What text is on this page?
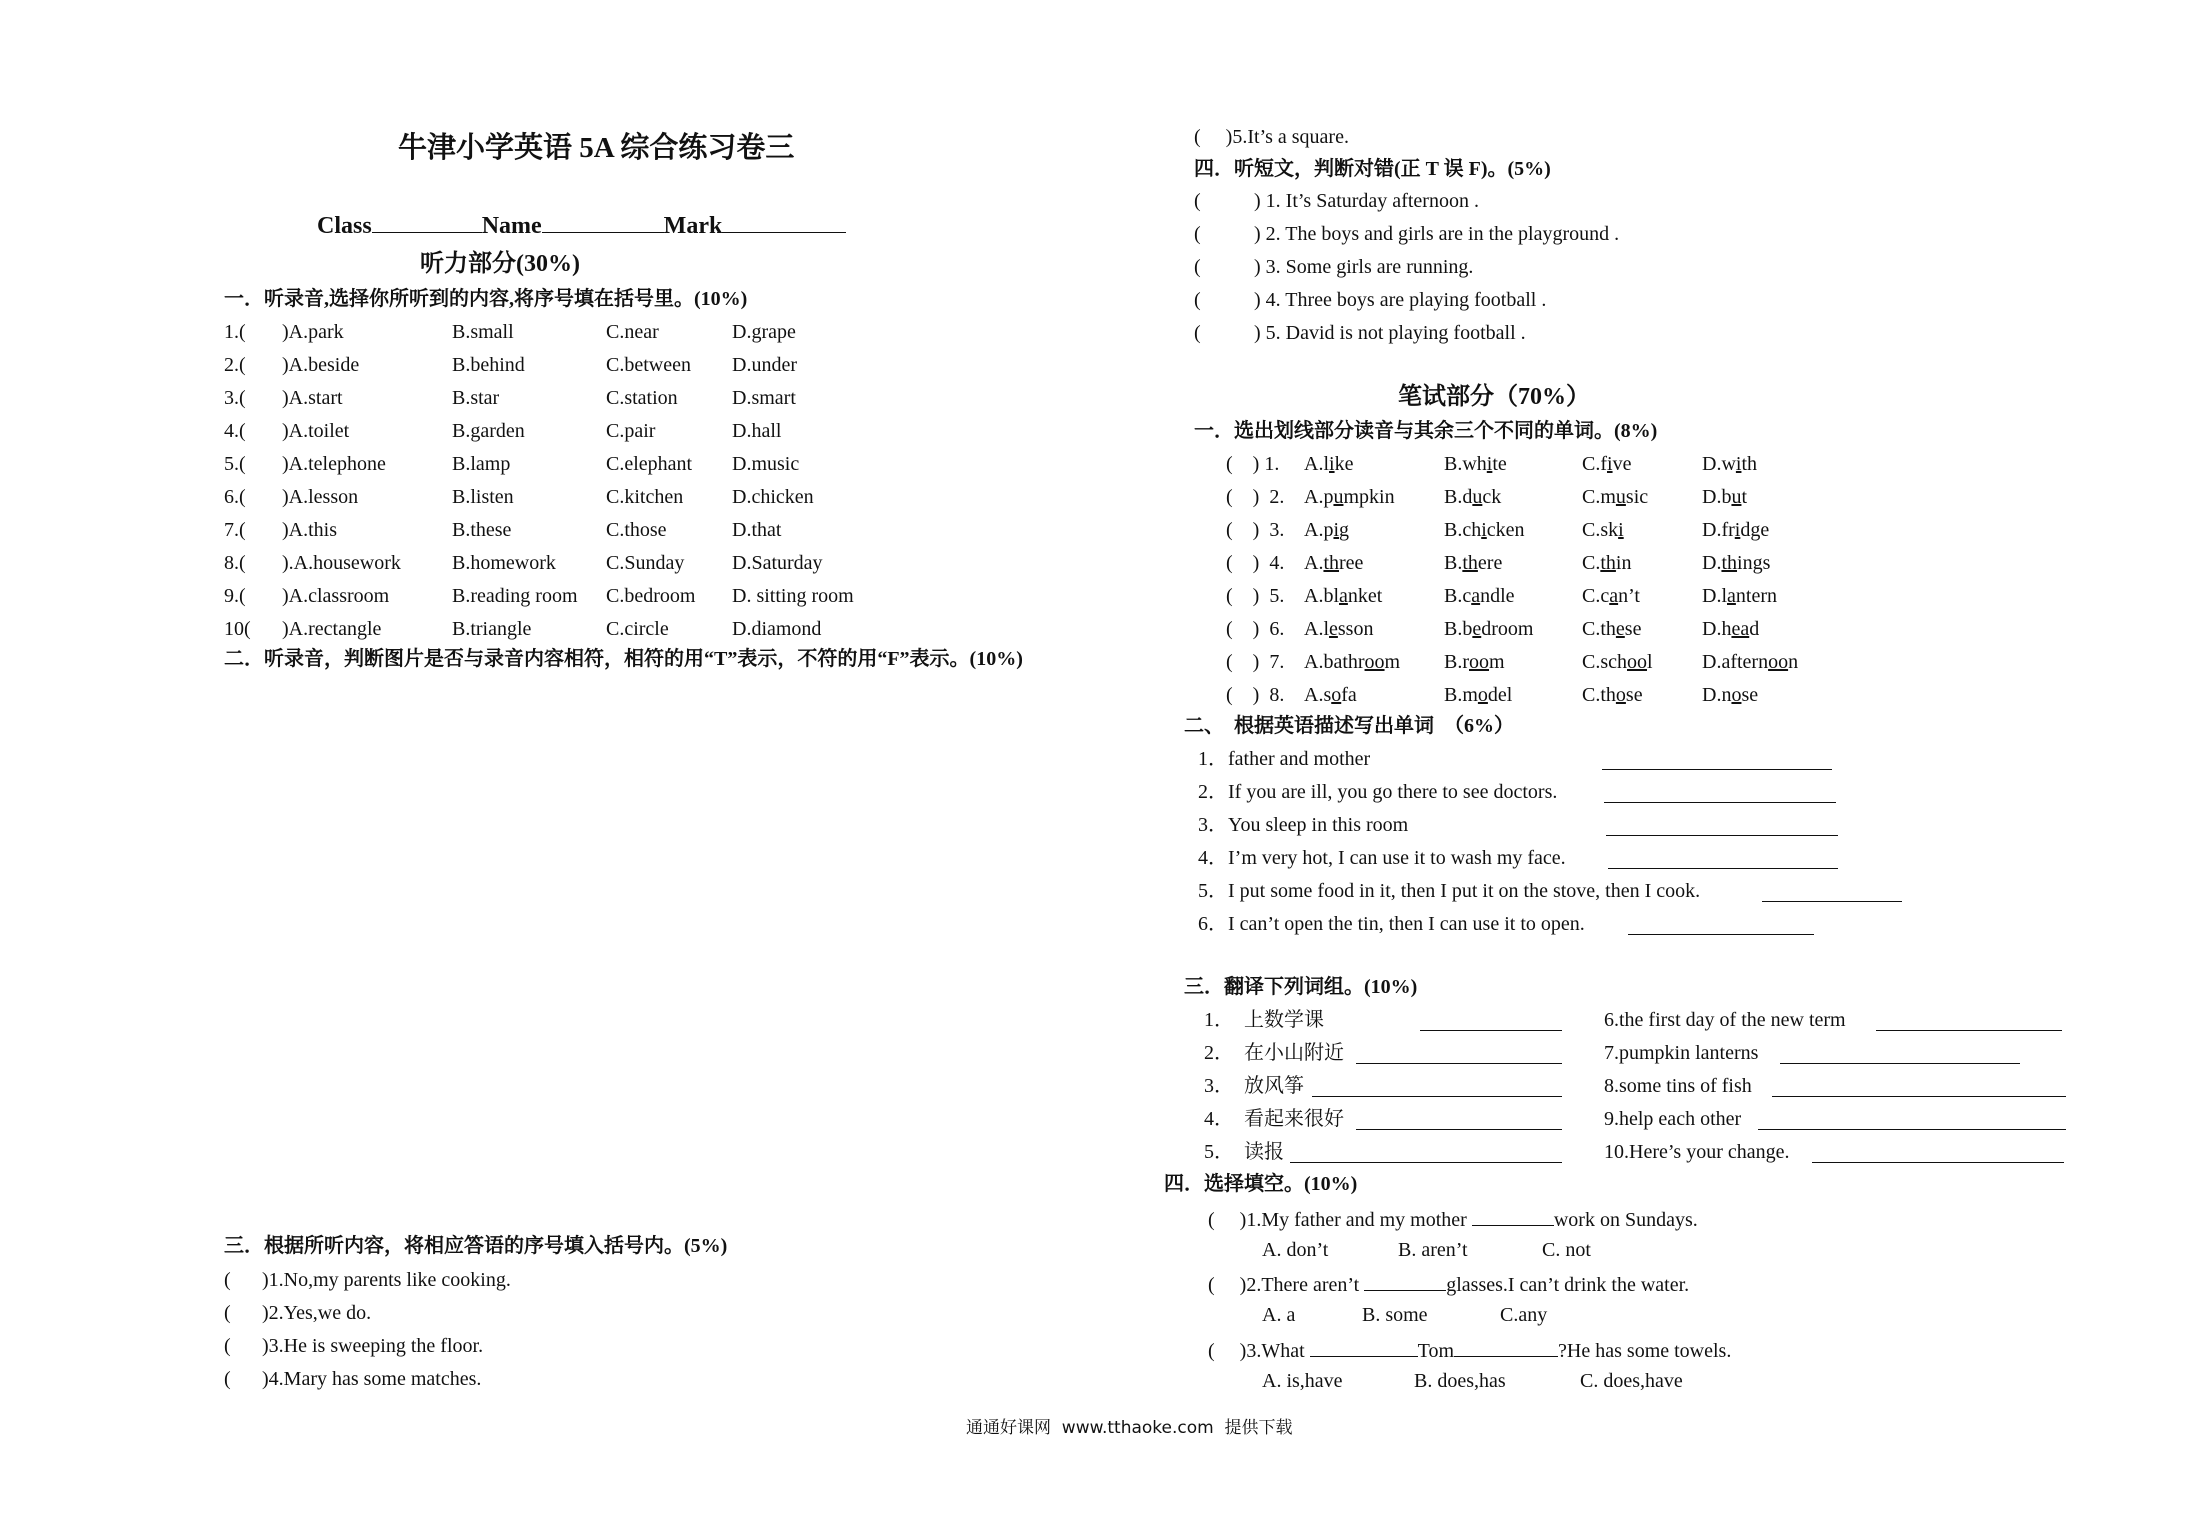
牛津小学英语 5A 综合练习卷三

Class	Name	Mark

听力部分(30%)
一．听录音,选择你所听到的内容,将序号填在括号里。(10%)
1.( )A.park	B.small	C.near	D.grape
2.( )A.beside	B.behind	C.between D.under
3.( )A.start	B.star	C.station	D.smart
4.( )A.toilet	B.garden	C.pair	D.hall
5.( )A.telephone	B.lamp	C.elephant D.music
6.( )A.lesson	B.listen	C.kitchen D.chicken
7.( )A.this	B.these	C.those	D.that
8.( ).A.housework	B.homework	C.Sunday D.Saturday
9.( )A.classroom	B.reading room C.bedroom D. sitting room
10( )A.rectangle	B.triangle	C.circle	D.diamond
二．听录音，判断图片是否与录音内容相符，相符的用“T”表示，不符的用“F”表示。(10%)
三．根据所听内容，将相应答语的序号填入括号内。(5%)
( )1.No,my parents like cooking.
( )2.Yes,we do.
( )3.He is sweeping the floor.
( )4.Mary has some matches.
( )5.It’s a square.
四．听短文，判断对错(正 T 误 F)。(5%)
(	) 1. It’s Saturday afternoon .
(	) 2. The boys and girls are in the playground .
(	) 3. Some girls are running.
(	) 4. Three boys are playing football .
(	) 5. David is not playing football .
笔试部分（70%）
一．选出划线部分读音与其余三个不同的单词。(8%)
(    ) 1. A.like	B.white	C.five	D.with
(    )  2. A.pumpkin B.duck	C.music	D.but
(    )  3. A.pig	B.chicken	C.ski	D.fridge
(    )  4. A.three	B.there	C.thin	D.things
(    )  5. A.blanket	B.candle	C.can’t	D.lantern
(    )  6. A.lesson	B.bedroom C.these	D.head
(    )  7. A.bathroom B.room	C.school D.afternoon
(    )  8. A.sofa	B.model	C.those	D.nose
二、  根据英语描述写出单词  （6%）
1． father and mother
2． If you are ill, you go there to see doctors.
3． You sleep in this room
4． I’m very hot, I can use it to wash my face.
5． I put some food in it, then I put it on the stove, then I cook.
6． I can’t open the tin, then I can use it to open.
三．翻译下列词组。(10%)
1． 上数学课	6.the first day of the new term
2． 在小山附近	7.pumpkin lanterns
3． 放风筝	8.some tins of fish
4． 看起来很好	9.help each other
5． 读报	10.Here’s your change.
四．选择填空。(10%)
( )1.My father and my mother	work on Sundays.
A. don’t	B. aren’t	C. not
( )2.There aren’t	glasses.I can’t drink the water.
A. a	B. some	C.any
( )3.What	Tom	?He has some towels.
A. is,have	B. does,has	C. does,have
通通好课网  www.tthaoke.com  提供下载
